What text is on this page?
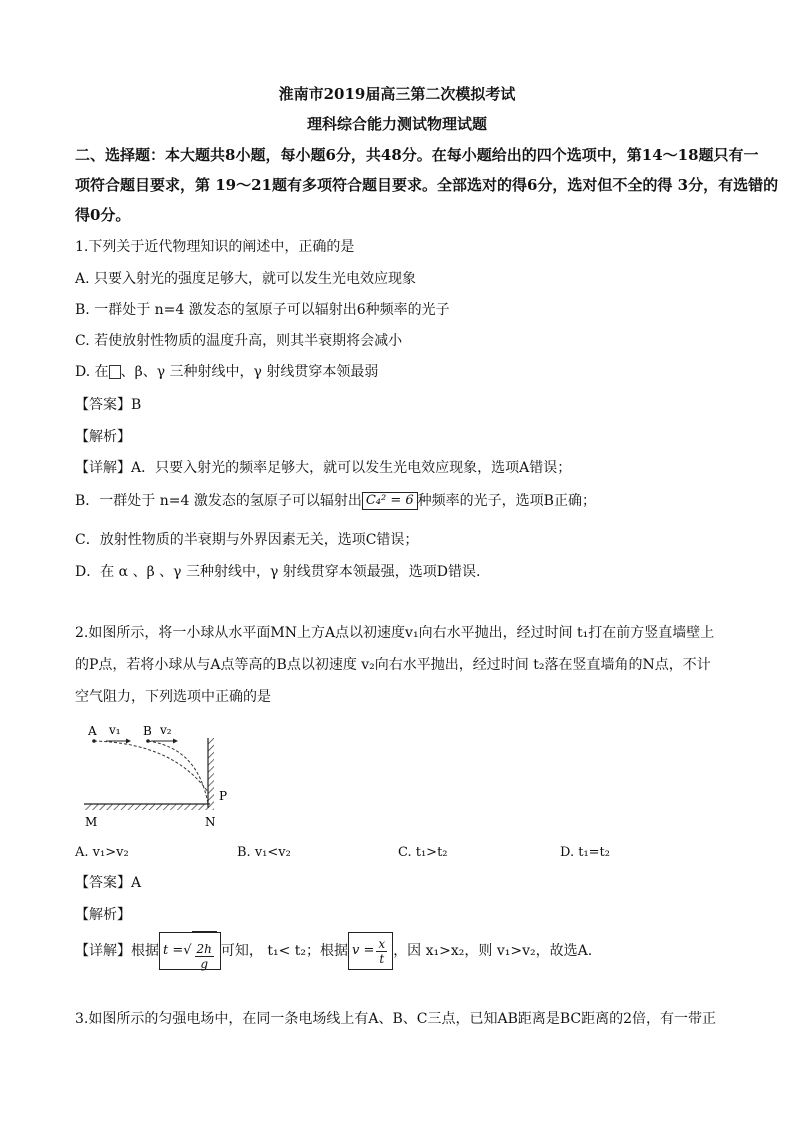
淮南市2019届高三第二次模拟考试
理科综合能力测试物理试题
二、选择题：本大题共8小题，每小题6分，共48分。在每小题给出的四个选项中，第14～18题只有一
项符合题目要求，第 19～21题有多项符合题目要求。全部选对的得6分，选对但不全的得 3分，有选错的
得0分。
1.下列关于近代物理知识的阐述中，正确的是
A. 只要入射光的强度足够大，就可以发生光电效应现象
B. 一群处于 n=4 激发态的氢原子可以辐射出6种频率的光子
C. 若使放射性物质的温度升高，则其半衰期将会减小
D. 在 、β、γ 三种射线中，γ 射线贯穿本领最弱
【答案】B
【解析】
【详解】A．只要入射光的频率足够大，就可以发生光电效应现象，选项A错误；
B．一群处于 n=4 激发态的氢原子可以辐射出 C₄² = 6 种频率的光子，选项B正确；
C．放射性物质的半衰期与外界因素无关，选项C错误；
D．在 α 、β 、γ 三种射线中，γ 射线贯穿本领最强，选项D错误.
2.如图所示，将一小球从水平面MN上方A点以初速度v₁向右水平抛出，经过时间 t₁打在前方竖直墙壁上
的P点，若将小球从与A点等高的B点以初速度 v₂向右水平抛出，经过时间 t₂落在竖直墙角的N点，不计
空气阻力，下列选项中正确的是
A v₁ B v₂
P
M	N
A. v₁>v₂	B. v₁<v₂	C. t₁>t₂	D. t₁=t₂
【答案】A
【解析】
【详解】根据 t = √ $\frac{2h}{g}$ 可知， t₁< t₂；根据 $v = \frac{x}{t}$ ，因 x₁>x₂，则 v₁>v₂，故选A.
3.如图所示的匀强电场中，在同一条电场线上有A、B、C三点，已知AB距离是BC距离的2倍，有一带正
